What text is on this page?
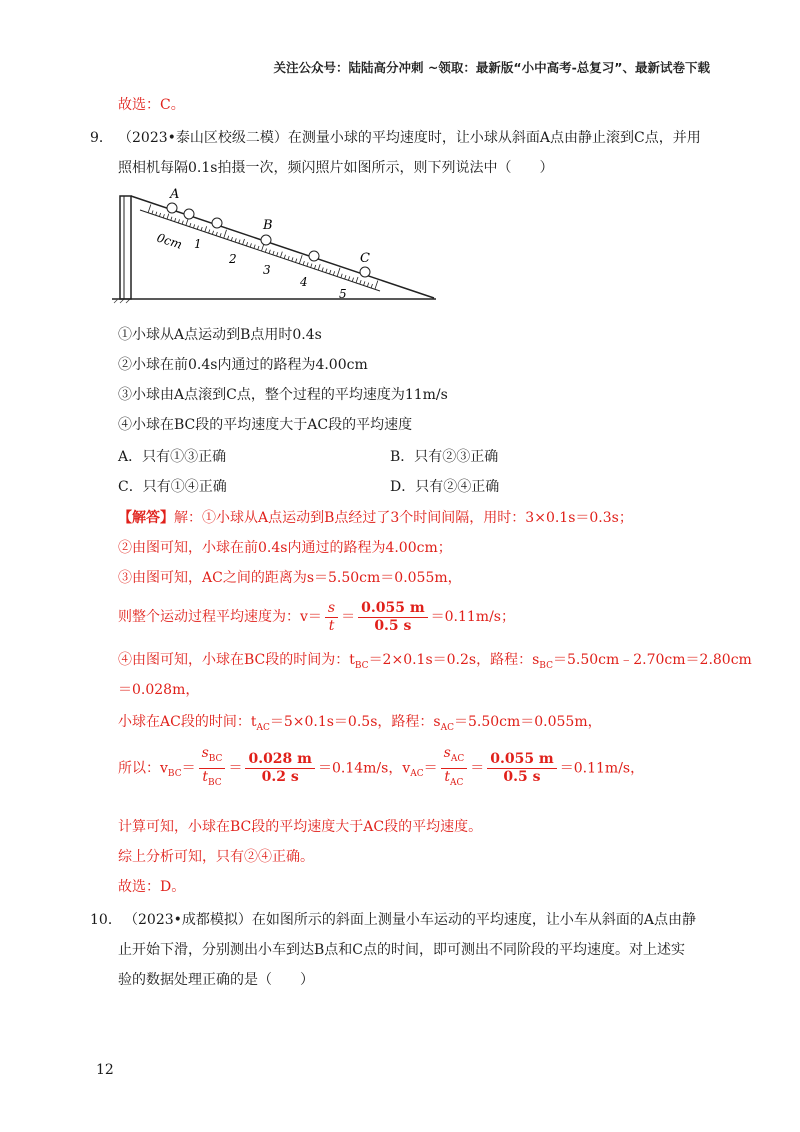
关注公众号：陆陆高分冲刺 ~领取：最新版“小中高考-总复习”、最新试卷下载
故选：C。
9． （2023•泰山区校级二模）在测量小球的平均速度时，让小球从斜面A点由静止滚到C点，并用
照相机每隔0.1s拍摄一次，频闪照片如图所示，则下列说法中（　　）
0cm 1
2
3
4
5
A
B
C
①小球从A点运动到B点用时0.4s
②小球在前0.4s内通过的路程为4.00cm
③小球由A点滚到C点，整个过程的平均速度为11m/s
④小球在BC段的平均速度大于AC段的平均速度
A．只有①③正确	B．只有②③正确
C．只有①④正确	D．只有②④正确
【解答】解：①小球从A点运动到B点经过了3个时间间隔，用时：3×0.1s＝0.3s；
②由图可知，小球在前0.4s内通过的路程为4.00cm；
③由图可知，AC之间的距离为s＝5.50cm＝0.055m，
则整个运动过程平均速度为：$v= \frac{s}{t} = \frac{0.055 m}{0.5 s} =0.11m/s$；
④由图可知，小球在BC段的时间为：$t_{BC}=2\times 0.1s=0.2s$，路程：$s_{BC}=5.50cm﹣2.70cm=2.80cm$
＝0.028m，
小球在AC段的时间：$t_{AC}=5\times 0.1s=0.5s$，路程：$s_{AC}=5.50cm=0.055m$，
所以：$v_{BC}= \frac{s_{BC}}{t_{BC}} = \frac{0.028 m}{0.2 s} =0.14m/s$，$v_{AC}= \frac{s_{AC}}{t_{AC}} = \frac{0.055 m}{0.5 s} =0.11m/s$，
计算可知，小球在BC段的平均速度大于AC段的平均速度。
综上分析可知，只有②④正确。
故选：D。
10． （2023•成都模拟）在如图所示的斜面上测量小车运动的平均速度，让小车从斜面的A点由静
止开始下滑，分别测出小车到达B点和C点的时间，即可测出不同阶段的平均速度。对上述实
验的数据处理正确的是（　　）
12
